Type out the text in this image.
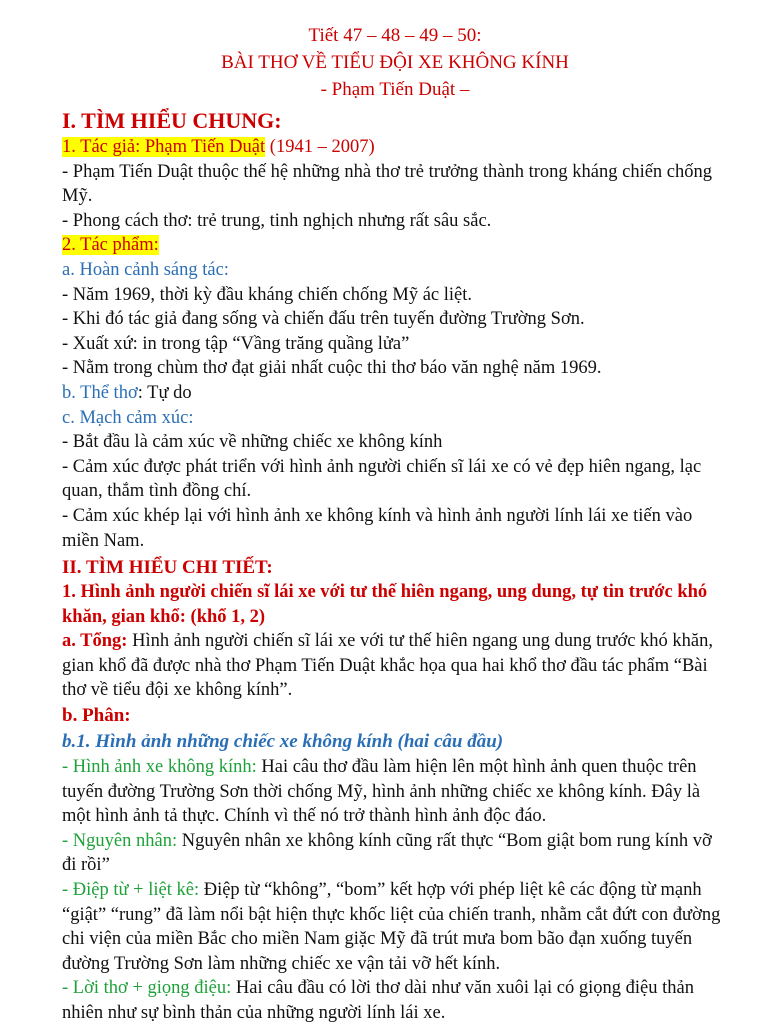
Tiết 47 – 48 – 49 – 50:
BÀI THƠ VỀ TIỂU ĐỘI XE KHÔNG KÍNH
- Phạm Tiến Duật –
I. TÌM HIỂU CHUNG:

1. Tác giả: Phạm Tiến Duật (1941 – 2007)

- Phạm Tiến Duật thuộc thế hệ những nhà thơ trẻ trưởng thành trong kháng chiến chống Mỹ.

- Phong cách thơ: trẻ trung, tinh nghịch nhưng rất sâu sắc.

2. Tác phẩm:

a. Hoàn cảnh sáng tác:

- Năm 1969, thời kỳ đầu kháng chiến chống Mỹ ác liệt.

- Khi đó tác giả đang sống và chiến đấu trên tuyến đường Trường Sơn.

- Xuất xứ: in trong tập “Vầng trăng quầng lửa”

- Nằm trong chùm thơ đạt giải nhất cuộc thi thơ báo văn nghệ năm 1969.

b. Thể thơ: Tự do

c. Mạch cảm xúc:

- Bắt đầu là cảm xúc về những chiếc xe không kính

- Cảm xúc được phát triển với hình ảnh người chiến sĩ lái xe có vẻ đẹp hiên ngang, lạc quan, thắm tình đồng chí.

- Cảm xúc khép lại với hình ảnh xe không kính và hình ảnh người lính lái xe tiến vào miền Nam.

II. TÌM HIỂU CHI TIẾT:

1. Hình ảnh người chiến sĩ lái xe với tư thế hiên ngang, ung dung, tự tin trước khó khăn, gian khổ: (khổ 1, 2)

a. Tổng: Hình ảnh người chiến sĩ lái xe với tư thế hiên ngang ung dung trước khó khăn, gian khổ đã được nhà thơ Phạm Tiến Duật khắc họa qua hai khổ thơ đầu tác phẩm “Bài thơ về tiểu đội xe không kính”.

b. Phân:
b.1. Hình ảnh những chiếc xe không kính (hai câu đầu)

- Hình ảnh xe không kính: Hai câu thơ đầu làm hiện lên một hình ảnh quen thuộc trên tuyến đường Trường Sơn thời chống Mỹ, hình ảnh những chiếc xe không kính. Đây là một hình ảnh tả thực. Chính vì thế nó trở thành hình ảnh độc đáo.

- Nguyên nhân: Nguyên nhân xe không kính cũng rất thực “Bom giật bom rung kính vỡ đi rồi”

- Điệp từ + liệt kê: Điệp từ “không”, “bom” kết hợp với phép liệt kê các động từ mạnh “giật” “rung” đã làm nổi bật hiện thực khốc liệt của chiến tranh, nhằm cắt đứt con đường chi viện của miền Bắc cho miền Nam giặc Mỹ đã trút mưa bom bão đạn xuống tuyến đường Trường Sơn làm những chiếc xe vận tải vỡ hết kính.

- Lời thơ + giọng điệu: Hai câu đầu có lời thơ dài như văn xuôi lại có giọng điệu thản nhiên như sự bình thản của những người lính lái xe.
